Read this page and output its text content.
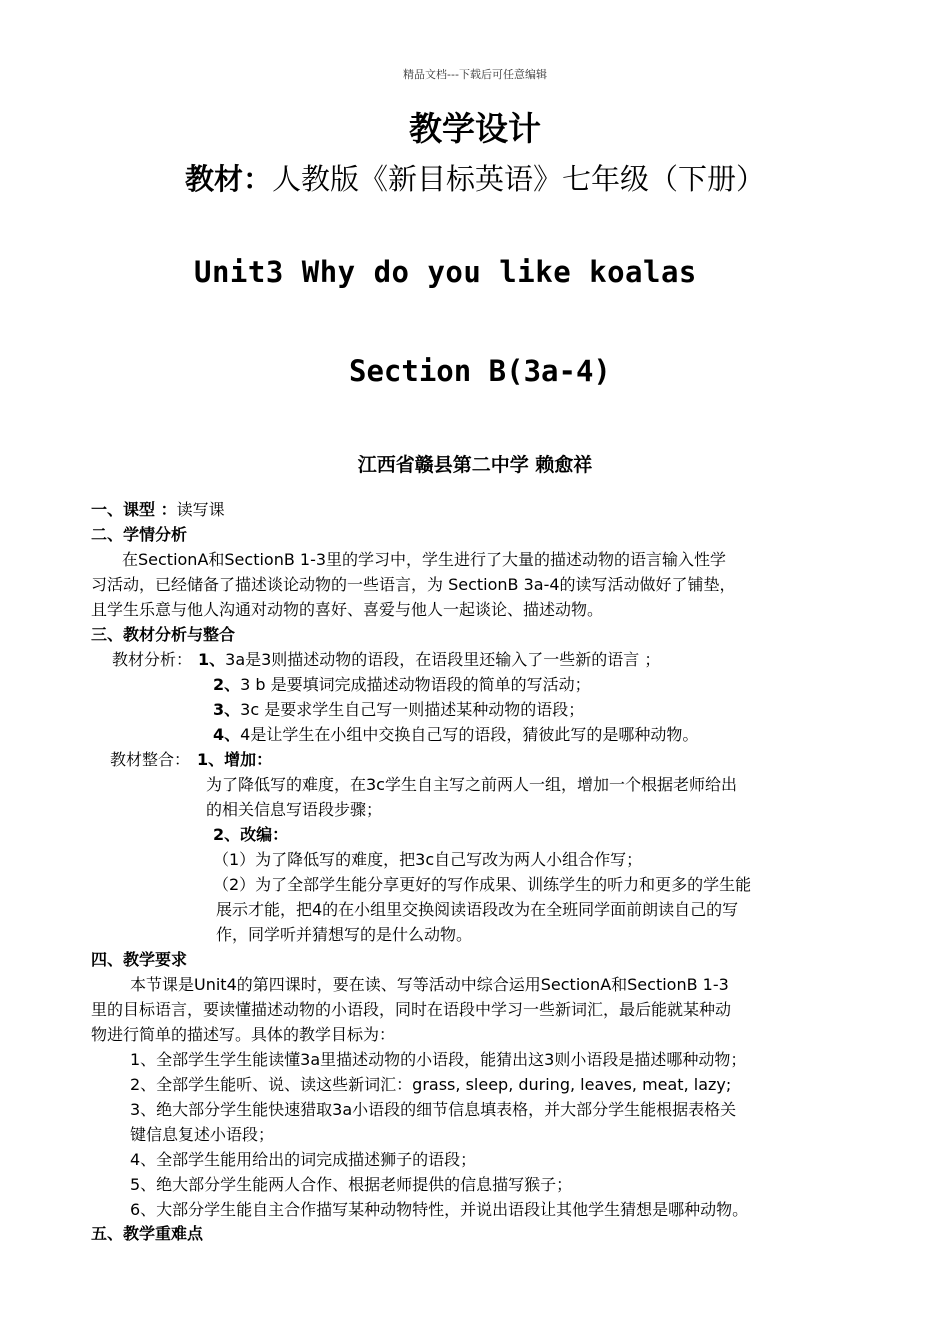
精品文档---下载后可任意编辑
教学设计
教材：人教版《新目标英语》七年级（下册）
Unit3 Why do you like koalas
Section B(3a-4)
江西省赣县第二中学 赖愈祥
一、课型 ：读写课
二、学情分析
在SectionA和SectionB 1-3里的学习中，学生进行了大量的描述动物的语言输入性学
习活动，已经储备了描述谈论动物的一些语言，为 SectionB 3a-4的读写活动做好了铺垫，
且学生乐意与他人沟通对动物的喜好、喜爱与他人一起谈论、描述动物。
三、教材分析与整合
教材分析： 1、3a是3则描述动物的语段，在语段里还输入了一些新的语言 ；
2、3 b 是要填词完成描述动物语段的简单的写活动；
3、3c 是要求学生自己写一则描述某种动物的语段；
4、4是让学生在小组中交换自己写的语段，猜彼此写的是哪种动物。
教材整合： 1、增加：
为了降低写的难度，在3c学生自主写之前两人一组，增加一个根据老师给出
的相关信息写语段步骤；
2、改编：
（1）为了降低写的难度，把3c自己写改为两人小组合作写；
（2）为了全部学生能分享更好的写作成果、训练学生的听力和更多的学生能
展示才能，把4的在小组里交换阅读语段改为在全班同学面前朗读自己的写
作，同学听并猜想写的是什么动物。
四、教学要求
本节课是Unit4的第四课时，要在读、写等活动中综合运用SectionA和SectionB 1-3
里的目标语言，要读懂描述动物的小语段，同时在语段中学习一些新词汇，最后能就某种动
物进行简单的描述写。具体的教学目标为：
1、全部学生学生能读懂3a里描述动物的小语段，能猜出这3则小语段是描述哪种动物；
2、全部学生能听、说、读这些新词汇：grass, sleep, during, leaves, meat, lazy;
3、绝大部分学生能快速猎取3a小语段的细节信息填表格，并大部分学生能根据表格关
键信息复述小语段；
4、全部学生能用给出的词完成描述狮子的语段；
5、绝大部分学生能两人合作、根据老师提供的信息描写猴子；
6、大部分学生能自主合作描写某种动物特性，并说出语段让其他学生猜想是哪种动物。
五、教学重难点
